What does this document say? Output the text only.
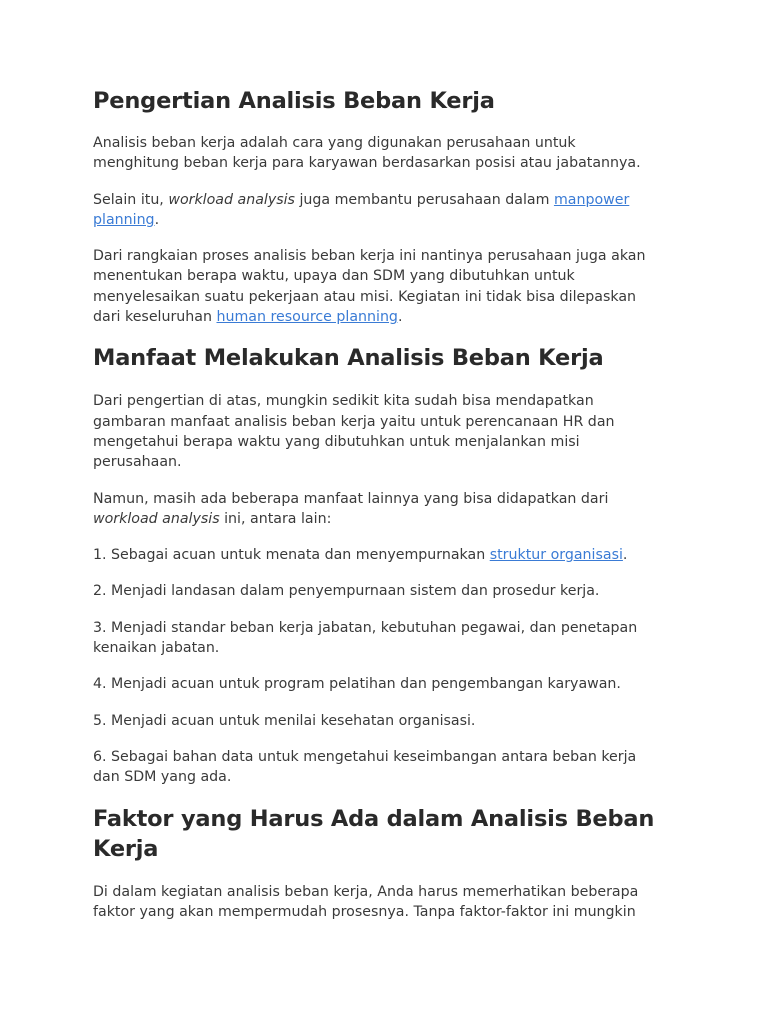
Pengertian Analisis Beban Kerja

Analisis beban kerja adalah cara yang digunakan perusahaan untuk menghitung beban kerja para karyawan berdasarkan posisi atau jabatannya.

Selain itu, workload analysis juga membantu perusahaan dalam manpower planning.

Dari rangkaian proses analisis beban kerja ini nantinya perusahaan juga akan menentukan berapa waktu, upaya dan SDM yang dibutuhkan untuk menyelesaikan suatu pekerjaan atau misi. Kegiatan ini tidak bisa dilepaskan dari keseluruhan human resource planning.

Manfaat Melakukan Analisis Beban Kerja

Dari pengertian di atas, mungkin sedikit kita sudah bisa mendapatkan gambaran manfaat analisis beban kerja yaitu untuk perencanaan HR dan mengetahui berapa waktu yang dibutuhkan untuk menjalankan misi perusahaan.

Namun, masih ada beberapa manfaat lainnya yang bisa didapatkan dari workload analysis ini, antara lain:

1. Sebagai acuan untuk menata dan menyempurnakan struktur organisasi.

2. Menjadi landasan dalam penyempurnaan sistem dan prosedur kerja.

3. Menjadi standar beban kerja jabatan, kebutuhan pegawai, dan penetapan kenaikan jabatan.

4. Menjadi acuan untuk program pelatihan dan pengembangan karyawan.

5. Menjadi acuan untuk menilai kesehatan organisasi.

6. Sebagai bahan data untuk mengetahui keseimbangan antara beban kerja dan SDM yang ada.

Faktor yang Harus Ada dalam Analisis Beban Kerja

Di dalam kegiatan analisis beban kerja, Anda harus memerhatikan beberapa faktor yang akan mempermudah prosesnya. Tanpa faktor-faktor ini mungkin
